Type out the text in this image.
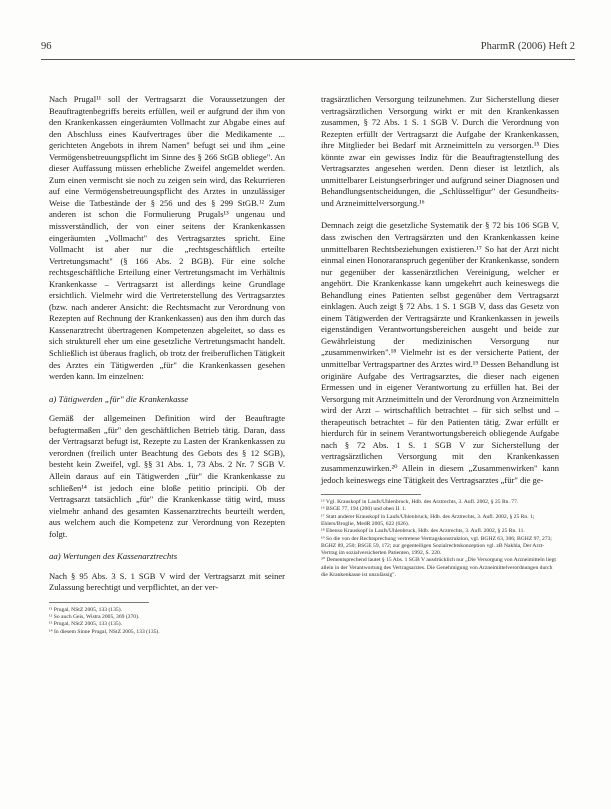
96	PharmR (2006) Heft 2

Nach Prugal¹¹ soll der Vertragsarzt die Voraussetzungen der Beauftragtenbegriffs bereits erfüllen, weil er aufgrund der ihm von den Krankenkassen eingeräumten Vollmacht zur Abgabe eines auf den Abschluss eines Kaufvertrages über die Medikamente ... gerichteten Angebots in ihrem Namen" befugt sei und ihm „eine Vermögensbetreuungspflicht im Sinne des § 266 StGB obliege". An dieser Auffassung müssen erhebliche Zweifel angemeldet werden. Zum einen vermischt sie noch zu zeigen sein wird, das Rekurrieren auf eine Vermögensbetreuungspflicht des Arztes in unzulässiger Weise die Tatbestände der § 256 und des § 299 StGB.¹² Zum anderen ist schon die Formulierung Prugals¹³ ungenau und missverständlich, der von einer seitens der Krankenkassen eingeräumten „Vollmacht" des Vertragsarztes spricht. Eine Vollmacht ist aber nur die „rechtsgeschäftlich erteilte Vertretungsmacht" (§ 166 Abs. 2 BGB). Für eine solche rechtsgeschäftliche Erteilung einer Vertretungsmacht im Verhältnis Krankenkasse – Vertragsarzt ist allerdings keine Grundlage ersichtlich. Vielmehr wird die Vertreterstellung des Vertragsarztes (bzw. nach anderer Ansicht: die Rechtsmacht zur Verordnung von Rezepten auf Rechnung der Krankenkassen) aus den ihm durch das Kassenarztrecht übertragenen Kompetenzen abgeleitet, so dass es sich strukturell eher um eine gesetzliche Vertretungsmacht handelt. Schließlich ist überaus fraglich, ob trotz der freiberuflichen Tätigkeit des Arztes ein Tätigwerden „für" die Krankenkassen gesehen werden kann. Im einzelnen:

a) Tätigwerden „für" die Krankenkasse

Gemäß der allgemeinen Definition wird der Beauftragte befugtermaßen „für" den geschäftlichen Betrieb tätig. Daran, dass der Vertragsarzt befugt ist, Rezepte zu Lasten der Krankenkassen zu verordnen (freilich unter Beachtung des Gebots des § 12 SGB), besteht kein Zweifel, vgl. §§ 31 Abs. 1, 73 Abs. 2 Nr. 7 SGB V. Allein daraus auf ein Tätigwerden „für" die Krankenkasse zu schließen¹⁴ ist jedoch eine bloße petitio principii. Ob der Vertragsarzt tatsächlich „für" die Krankenkasse tätig wird, muss vielmehr anhand des gesamten Kassenarztrechts beurteilt werden, aus welchem auch die Kompetenz zur Verordnung von Rezepten folgt.

aa) Wertungen des Kassenarztrechts

Nach § 95 Abs. 3 S. 1 SGB V wird der Vertragsarzt mit seiner Zulassung berechtigt und verpflichtet, an der ver-

¹¹ Prugal, NStZ 2005, 133 (135).

¹² So auch Geis, Wistra 2005, 369 (370).

¹³ Prugal, NStZ 2005, 133 (135).

¹⁴ In diesem Sinne Prugal, NStZ 2005, 133 (135).

tragsärztlichen Versorgung teilzunehmen. Zur Sicherstellung dieser vertragsärztlichen Versorgung wirkt er mit den Krankenkassen zusammen, § 72 Abs. 1 S. 1 SGB V. Durch die Verordnung von Rezepten erfüllt der Vertragsarzt die Aufgabe der Krankenkassen, ihre Mitglieder bei Bedarf mit Arzneimitteln zu versorgen.¹⁵ Dies könnte zwar ein gewisses Indiz für die Beauftragtenstellung des Vertragsarztes angesehen werden. Denn dieser ist letztlich, als unmittelbarer Leistungserbringer und aufgrund seiner Diagnosen und Behandlungsentscheidungen, die „Schlüsselfigur" der Gesundheits- und Arzneimittelversorgung.¹⁶

Demnach zeigt die gesetzliche Systematik der § 72 bis 106 SGB V, dass zwischen den Vertragsärzten und den Krankenkassen keine unmittelbaren Rechtsbeziehungen existieren.¹⁷ So hat der Arzt nicht einmal einen Honoraranspruch gegenüber der Krankenkasse, sondern nur gegenüber der kassenärztlichen Vereinigung, welcher er angehört. Die Krankenkasse kann umgekehrt auch keineswegs die Behandlung eines Patienten selbst gegenüber dem Vertragsarzt einklagen. Auch zeigt § 72 Abs. 1 S. 1 SGB V, dass das Gesetz von einem Tätigwerden der Vertragsärzte und Krankenkassen in jeweils eigenständigen Verantwortungsbereichen ausgeht und beide zur Gewährleistung der medizinischen Versorgung nur „zusammenwirken".¹⁸ Vielmehr ist es der versicherte Patient, der unmittelbar Vertragspartner des Arztes wird.¹⁹ Dessen Behandlung ist originäre Aufgabe des Vertragsarztes, die dieser nach eigenen Ermessen und in eigener Verantwortung zu erfüllen hat. Bei der Versorgung mit Arzneimitteln und der Verordnung von Arzneimitteln wird der Arzt – wirtschaftlich betrachtet – für sich selbst und – therapeutisch betrachtet – für den Patienten tätig. Zwar erfüllt er hierdurch für in seinem Verantwortungsbereich obliegende Aufgabe nach § 72 Abs. 1 S. 1 SGB V zur Sicherstellung der vertragsärztlichen Versorgung mit den Krankenkassen zusammenzuwirken.²⁰ Allein in diesem „Zusammenwirken" kann jedoch keineswegs eine Tätigkeit des Vertragsarztes „für" die ge-

¹⁵ Vgl. Krauskopf in Laufs/Uhlenbruck, Hdb. des Arztrechts, 3. Aufl. 2002, § 25 Rn. 77.

¹⁶ BSGE 77, 194 (200) und oben II. 1.

¹⁷ Statt anderer Krauskopf in Laufs/Uhlenbruck, Hdb. des Arztrechts, 3. Aufl. 2002, § 25 Rn. 1; Ehlers/Broglie, MedR 2005, 622 (626).

¹⁸ Ebenso Krauskopf in Laufs/Uhlenbruck, Hdb. des Arztrechts, 3. Aufl. 2002, § 25 Rn. 11.

¹⁹ So die von der Rechtsprechung vertretene Vertragskonstruktion, vgl. BGHZ 63, 306; BGHZ 97, 273; BGHZ 89, 250; BSGE 59, 172; zur gegenteiligen Sozialrechtskonzeption vgl. zB Nakhla, Der Arzt-Vertrag im sozialversicherten Patienten, 1992, S. 220.

²⁰ Dementsprechend lautet § 15 Abs. 1 SGB V ausdrücklich nur „Die Versorgung von Arzneimitteln liegt allein in der Verantwortung des Vertragsarztes. Die Genehmigung von Arzneimittelverordnungen durch die Krankenkasse ist unzulässig".
